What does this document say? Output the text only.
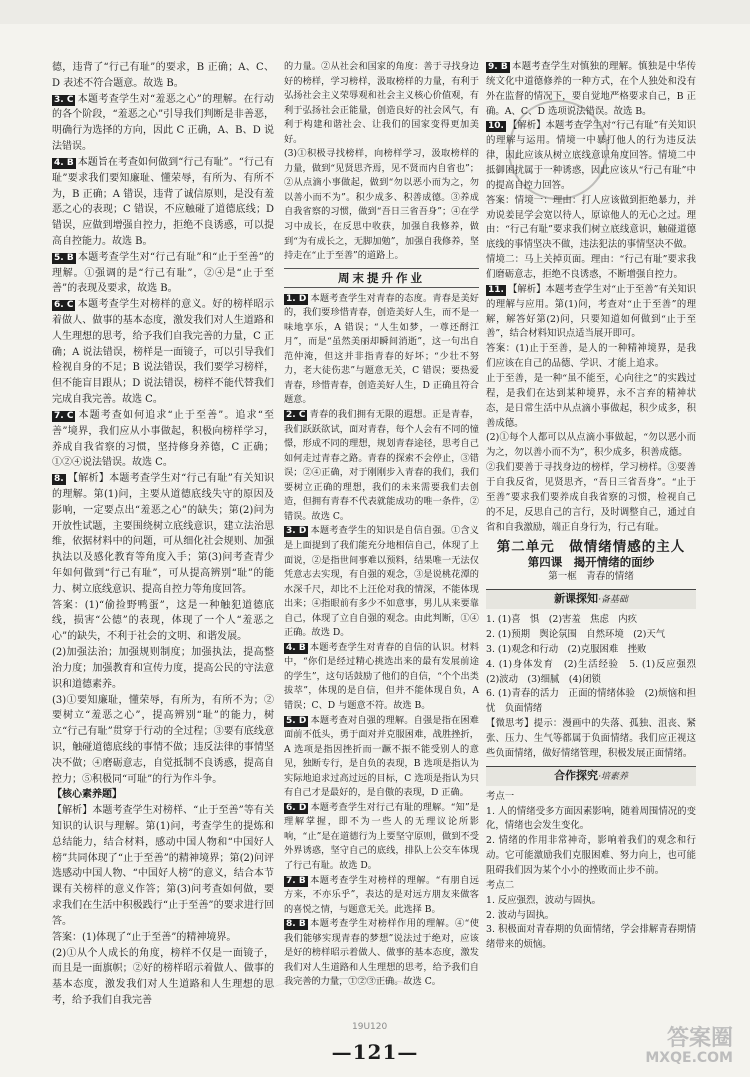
德，违背了“行己有耻”的要求，B 正确；A、C、D 表述不符合题意。故选 B。

3. C 本题考查学生对“羞恶之心”的理解。在行动的各个阶段，“羞恶之心”引导我们判断是非善恶，明确行为选择的方向，因此 C 正确，A、B、D 说法错误。

4. B 本题旨在考查如何做到“行己有耻”。“行己有耻”要求我们要知廉耻、懂荣辱，有所为、有所不为，B 正确；A 错误，违背了诚信原则，是没有羞恶之心的表现；C 错误，不应触碰了道德底线；D 错误，应做到增强自控力，拒绝不良诱惑，可以提高自控能力。故选 B。

5. B 本题考查学生对“行己有耻”和“止于至善”的理解。①强调的是“行己有耻”，②④是“止于至善”的表现及要求，故选 B。

6. C 本题考查学生对榜样的意义。好的榜样昭示着做人、做事的基本态度，激发我们对人生道路和人生理想的思考，给予我们自我完善的力量，C 正确；A 说法错误，榜样是一面镜子，可以引导我们检视自身的不足；B 说法错误，我们要学习榜样，但不能盲目跟从；D 说法错误，榜样不能代替我们完成自我完善。故选 C。

7. C 本题考查如何追求“止于至善”。追求“至善”境界，我们应从小事做起，积极向榜样学习，养成自我省察的习惯，坚持修身养德，C 正确；①②④说法错误。故选 C。

8. 【解析】本题考查学生对“行己有耻”有关知识的理解。第(1)问，主要从道德底线失守的原因及影响，一定要点出“羞恶之心”的缺失；第(2)问为开放性试题，主要围绕树立底线意识，建立法治思维，依据材料中的问题，可从细化社会规则、加强执法以及感化教育等角度入手；第(3)问考查青少年如何做到“行己有耻”，可从提高辨别“耻”的能力、树立底线意识、提高自控力等角度回答。

答案：(1)“偷捡野鸭蛋”，这是一种触犯道德底线，损害“公德”的表现，体现了一个人“羞恶之心”的缺失，不利于社会的文明、和谐发展。

(2)加强法治；加强规则制度；加强执法，提高整治力度；加强教育和宣传力度，提高公民的守法意识和道德素养。

(3)①要知廉耻，懂荣辱，有所为，有所不为；②要树立“羞恶之心”，提高辨别“耻”的能力，树立“行己有耻”贯穿于行动的全过程；③要有底线意识，触碰道德底线的事情不做；违反法律的事情坚决不做；④磨砺意志，自觉抵制不良诱惑，提高自控力；⑤积极同“可耻”的行为作斗争。

【核心素养题】

【解析】本题考查学生对榜样、“止于至善”等有关知识的认识与理解。第(1)问，考查学生的提炼和总结能力，结合材料，感动中国人物和“中国好人榜”共同体现了“止于至善”的精神境界；第(2)问评选感动中国人物、“中国好人榜”的意义，结合本节课有关榜样的意义作答；第(3)问考查如何做，要求我们在生活中积极践行“止于至善”的要求进行回答。

答案：(1)体现了“止于至善”的精神境界。

(2)①从个人成长的角度，榜样不仅是一面镜子，而且是一面旗帜；②好的榜样昭示着做人、做事的基本态度，激发我们对人生道路和人生理想的思考，给予我们自我完善

的力量。②从社会和国家的角度：善于寻找身边好的榜样，学习榜样，汲取榜样的力量，有利于弘扬社会主义荣辱观和社会主义核心价值观，有利于弘扬社会正能量，创造良好的社会风气，有利于构建和谐社会、让我们的国家变得更加美好。

(3)①积极寻找榜样，向榜样学习，汲取榜样的力量，做到“见贤思齐焉，见不贤而内自省也”；②从点滴小事做起，做到“勿以恶小而为之，勿以善小而不为”。积少成多、积善成德。③养成自我省察的习惯，做到“吾日三省吾身”；④在学习中成长，在反思中收获，加强自我修养，做到“为有成长之，无脚加勉”，加强自我修养，坚持走在“止于至善”的道路上。

周末提升作业

1. D 本题考查学生对青春的态度。青春是美好的，我们要珍惜青春，创造美好人生，而不是一味地享乐，A 错误；“人生如梦，一尊还酹江月”，而是“虽然美丽却瞬间消逝”，这一句出自范仲淹，但这并非指青春的好坏；“少壮不努力，老大徒伤悲”与题意无关，C 错误；要热爱青春，珍惜青春，创造美好人生，D 正确且符合题意。

2. C 青春的我们拥有无限的遐想。正是青春，我们跃跃欲试，面对青春，每个人会有不同的憧憬，形成不同的理想，规划青春途径，思考自己如何走过青春之路。青春的探索不会停止，③错误；②④正确，对于刚刚步入青春的我们，我们要树立正确的理想，我们的未来需要我们去创造，但拥有青春不代表就能成功的唯一条件，②错误。故选 C。

3. D 本题考查学生的知识是自信自强。①含义是上面提到了我们能充分地相信自己，体现了上面说，②是指世间事难以预料，结果唯一无法仅凭意志去实现，有自强的观念，③是说桃花潭的水深千尺，却比不上汪伦对我的情深，不能体现出来；④指眼前有多少不如意事，男儿从来要靠自己，体现了立自自强的观念。由此判断，①④正确。故选 D。

4. B 本题考查学生对青春的自信的认识。材料中，“你们是经过精心挑选出来的最有发展前途的学生”，这句话鼓励了他们的自信，“个个出类拔萃”，体现的是自信，但并不能体现自负，A 错误；C、D 与题意不符。故选 B。

5. D 本题考查对自强的理解。自强是指在困难面前不低头，勇于面对并克服困难，战胜挫折，A 选项是指因挫折而一蹶不振不能受别人的意见，独断专行，是自负的表现，B 选项是指认为实际地追求过高过远的目标，C 选项是指认为只有自己才是最好的，是自傲的表现，D 正确。

6. D 本题考查学生对行己有耻的理解。“知”是理解掌握，即不为一些人的无理议论所影响，“止”是在道德行为上要坚守原则，做到不受外界诱惑，坚守自己的底线，排队上公交车体现了行己有耻。故选 D。

7. B 本题考查学生对榜样的理解。“有朋自远方来，不亦乐乎”，表达的是对远方朋友来做客的喜悦之情，与题意无关。此选择 B。

8. B 本题考查学生对榜样作用的理解。④“使我们能够实现青春的梦想”说法过于绝对，应该是好的榜样昭示着做人、做事的基本态度，激发我们对人生道路和人生理想的思考，给予我们自我完善的力量，①②③正确。故选 C。

9. B 本题考查学生对慎独的理解。慎独是中华传统文化中道德修养的一种方式，在个人独处和没有外在监督的情况下，要自觉地严格要求自己，B 正确。A、C、D 选项说法错误。故选 B。

10. 【解析】本题考查学生对“行己有耻”有关知识的理解与运用。情境一中暴打他人的行为违反法律，因此应该从树立底线意识角度回答。情境二中抵御困扰属于一种诱惑，因此应该从“行己有耻”中的提高自控力回答。

答案：情境一：理由：打人应该做到拒绝暴力，并劝说姜昆学会宽以待人，原谅他人的无心之过。理由：“行己有耻”要求我们树立底线意识，触碰道德底线的事情坚决不做，违法犯法的事情坚决不做。

情境二：马上关掉页面。理由：“行己有耻”要求我们磨砺意志，拒绝不良诱惑，不断增强自控力。

11. 【解析】本题考查学生对“止于至善”有关知识的理解与应用。第(1)问，考查对“止于至善”的理解，解答好第(2)问，只要知道如何做到“止于至善”，结合材料知识点适当展开即可。

答案：(1)止于至善，是人的一种精神境界，是我们应该在自己的品德、学识、才能上追求。

止于至善，是一种“虽不能至，心向往之”的实践过程，是我们在达到某种境界，永不言弃的精神状态，是日常生活中从点滴小事做起，积少成多，积善成德。

(2)①每个人都可以从点滴小事做起，“勿以恶小而为之，勿以善小而不为”，积少成多，积善成德。

②我们要善于寻找身边的榜样，学习榜样。③要善于自我反省，见贤思齐，“吾日三省吾身”。“止于至善”要求我们要养成自我省察的习惯，检视自己的不足，反思自己的言行，及时调整自己，通过自省和自我激励，端正自身行为，行己有耻。

第二单元　做情绪情感的主人
第四课　揭开情绪的面纱
第一框　青春的情绪
新课探知·备基础

1. (1)喜　惧　(2)害羞　焦虑　内疚

2. (1)预期　舆论氛围　自然环境　(2)天气

3. (1)观念和行动　(2)克服困难　挫败

4. (1)身体发育　(2)生活经验　5. (1)反应强烈　(2)波动　(3)细腻　(4)闭锁

6. (1)青春的活力　正面的情绪体验　(2)烦恼和担忧　负面情绪

【微思考】提示：漫画中的失落、孤独、沮丧、紧张、压力、生气等都属于负面情绪。我们应正视这些负面情绪，做好情绪管理，积极发展正面情绪。

合作探究·培素养

考点一

1. 人的情绪受多方面因素影响，随着周围情况的变化，情绪也会发生变化。

2. 情绪的作用非常神奇，影响着我们的观念和行动。它可能激励我们克服困难、努力向上，也可能阻碍我们因为某个小小的挫败而止步不前。

考点二

1. 反应强烈，波动与固执。

2. 波动与固执。

3. 积极面对青春期的负面情绪，学会排解青春期情绪带来的烦恼。

19U120
—121—
答案圈
MXQE.COM
